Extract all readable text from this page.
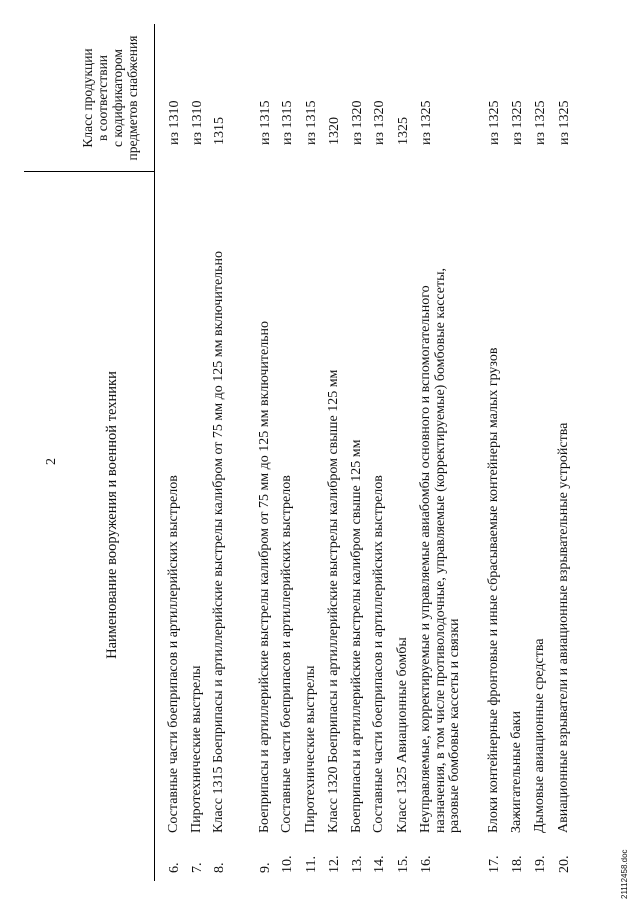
2	Наименование вооружения и военной техники
Класс продукции в соответствии с кодификатором предметов снабжения
6.
Составные части боеприпасов и артиллерийских выстрелов
из 1310
7.
Пиротехнические выстрелы
из 1310
8.
Класс 1315 Боеприпасы и артиллерийские выстрелы калибром от 75 мм до 125 мм включительно
1315
9.
Боеприпасы и артиллерийские выстрелы калибром от 75 мм до 125 мм включительно
из 1315
10.
Составные части боеприпасов и артиллерийских выстрелов
из 1315
11.
Пиротехнические выстрелы
из 1315
12.
Класс 1320 Боеприпасы и артиллерийские выстрелы калибром свыше 125 мм
1320
13.
Боеприпасы и артиллерийские выстрелы калибром свыше 125 мм
из 1320
14.
Составные части боеприпасов и артиллерийских выстрелов
из 1320
15.
Класс 1325 Авиационные бомбы
1325
16.
Неуправляемые, корректируемые и управляемые авиабомбы основного и вспомогательного назначения, в том числе противолодочные, управляемые (корректируемые) бомбовые кассеты, разовые бомбовые кассеты и связки
из 1325
17.
Блоки контейнерные фронтовые и иные сбрасываемые контейнеры малых грузов
из 1325
18.
Зажигательные баки
из 1325
19.
Дымовые авиационные средства
из 1325
20.
Авиационные взрыватели и авиационные взрывательные устройства
из 1325
21112458.doc
